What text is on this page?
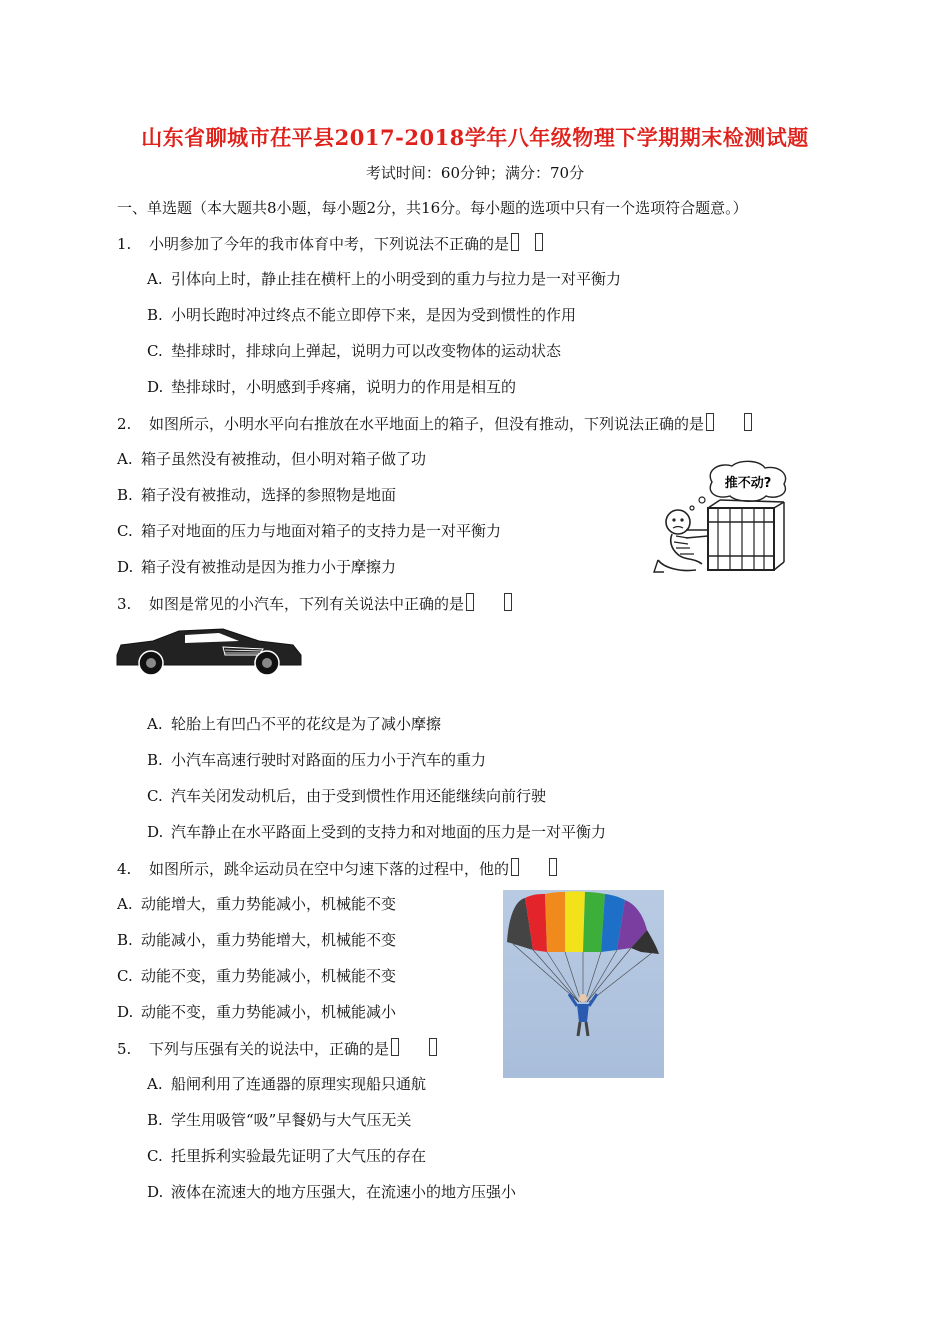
山东省聊城市茌平县2017-2018学年八年级物理下学期期末检测试题
考试时间：60分钟；满分：70分
一、单选题（本大题共8小题，每小题2分，共16分。每小题的选项中只有一个选项符合题意。）
1. 小明参加了今年的我市体育中考，下列说法不正确的是
A. 引体向上时，静止挂在横杆上的小明受到的重力与拉力是一对平衡力
B. 小明长跑时冲过终点不能立即停下来，是因为受到惯性的作用
C. 垫排球时，排球向上弹起，说明力可以改变物体的运动状态
D. 垫排球时，小明感到手疼痛，说明力的作用是相互的
2. 如图所示，小明水平向右推放在水平地面上的箱子，但没有推动，下列说法正确的是
A. 箱子虽然没有被推动，但小明对箱子做了功
B. 箱子没有被推动，选择的参照物是地面
C. 箱子对地面的压力与地面对箱子的支持力是一对平衡力
D. 箱子没有被推动是因为推力小于摩擦力
推不动?
3. 如图是常见的小汽车，下列有关说法中正确的是
A. 轮胎上有凹凸不平的花纹是为了减小摩擦
B. 小汽车高速行驶时对路面的压力小于汽车的重力
C. 汽车关闭发动机后，由于受到惯性作用还能继续向前行驶
D. 汽车静止在水平路面上受到的支持力和对地面的压力是一对平衡力
4. 如图所示，跳伞运动员在空中匀速下落的过程中，他的
A. 动能增大，重力势能减小，机械能不变
B. 动能减小，重力势能增大，机械能不变
C. 动能不变，重力势能减小，机械能不变
D. 动能不变，重力势能减小，机械能减小
5. 下列与压强有关的说法中，正确的是
A. 船闸利用了连通器的原理实现船只通航
B. 学生用吸管“吸”早餐奶与大气压无关
C. 托里拆利实验最先证明了大气压的存在
D. 液体在流速大的地方压强大，在流速小的地方压强小
